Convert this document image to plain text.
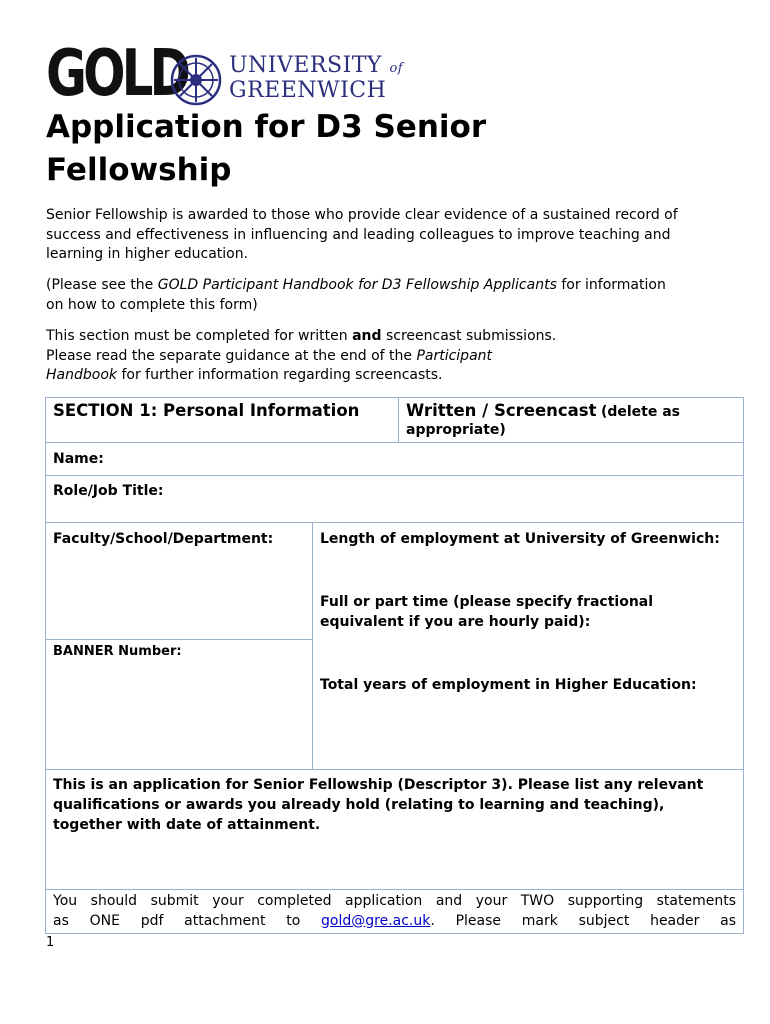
GOLD UNIVERSITY of
GREENWICH
Application for D3 Senior Fellowship

Senior Fellowship is awarded to those who provide clear evidence of a sustained record of success and effectiveness in influencing and leading colleagues to improve teaching and learning in higher education.

(Please see the GOLD Participant Handbook for D3 Fellowship Applicants for information on how to complete this form)

This section must be completed for written and screencast submissions. Please read the separate guidance at the end of the Participant Handbook for further information regarding screencasts.

SECTION 1: Personal Information		Written / Screencast (delete as appropriate)

Name:		

Role/Job Title:		

Faculty/School/Department:	Length of employment at University of Greenwich:
Full or part time (please specify fractional equivalent if you are hourly paid):
Total years of employment in Higher Education:	

BANNER Number:		

This is an application for Senior Fellowship (Descriptor 3). Please list any relevant qualifications or awards you already hold (relating to learning and teaching), together with date of attainment.		

You should submit your completed application and your TWO supporting statements
as ONE pdf attachment to gold@gre.ac.uk. Please mark subject header as		
1
